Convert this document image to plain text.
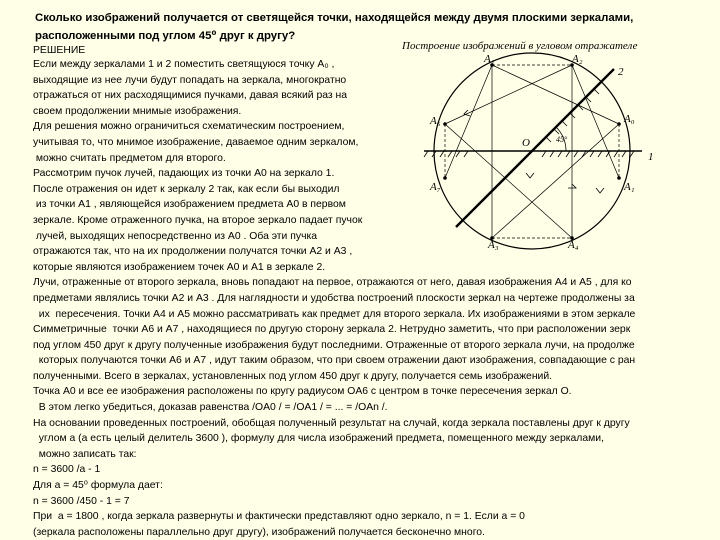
Сколько изображений получается от светящейся точки, находящейся между двумя плоскими зеркалами, расположенными под углом 45⁰ друг к другу?

РЕШЕНИЕ
Если между зеркалами 1 и 2 поместить светящуюся точку A₀ ,
выходящие из нее лучи будут попадать на зеркала, многократно
отражаться от них расходящимися пучками, давая всякий раз на
своем продолжении мнимые изображения.
Для решения можно ограничиться схематическим построением,
учитывая то, что мнимое изображение, даваемое одним зеркалом,
можно считать предметом для второго.
Рассмотрим пучок лучей, падающих из точки A0 на зеркало 1.
После отражения он идет к зеркалу 2 так, как если бы выходил
из точки A1 , являющейся изображением предмета A0 в первом
зеркале. Кроме отраженного пучка, на второе зеркало падает пучок
лучей, выходящих непосредственно из A0 . Оба эти пучка
отражаются так, что на их продолжении получатся точки A2 и A3 ,
которые являются изображением точек A0 и A1 в зеркале 2.
Лучи, отраженные от второго зеркала, вновь попадают на первое, отражаются от него, давая изображения A4 и A5 , для ко
предметами являлись точки A2 и A3 . Для наглядности и удобства построений плоскости зеркал на чертеже продолжены за
их  пересечения. Точки A4 и A5 можно рассматривать как предмет для второго зеркала. Их изображениями в этом зеркале
Симметричные  точки A6 и A7 , находящиеся по другую сторону зеркала 2. Нетрудно заметить, что при расположении зерк
под углом 450 друг к другу полученные изображения будут последними. Отраженные от второго зеркала лучи, на продолже
которых получаются точки A6 и A7 , идут таким образом, что при своем отражении дают изображения, совпадающие с ран
полученными. Всего в зеркалах, установленных под углом 450 друг к другу, получается семь изображений.
Точка A0 и все ее изображения расположены по кругу радиусом OA6 с центром в точке пересечения зеркал O.
В этом легко убедиться, доказав равенства /OA0 / = /OA1 / = ... = /OAn /.
На основании проведенных построений, обобщая полученный результат на случай, когда зеркала поставлены друг к другу
углом a (a есть целый делитель 3600 ), формулу для числа изображений предмета, помещенного между зеркалами,
можно записать так:
n = 3600 /a - 1
Для a = 45⁰ формула дает:
n = 3600 /450 - 1 = 7
При  a = 1800 , когда зеркала развернуты и фактически представляют одно зеркало, n = 1. Если a = 0
(зеркала расположены параллельно друг другу), изображений получается бесконечно много.
Построение изображений в угловом отражателе
A₁	A₂
2
A₆	A₀
O	45°
1
A₇	A₁
A₃	A₄
